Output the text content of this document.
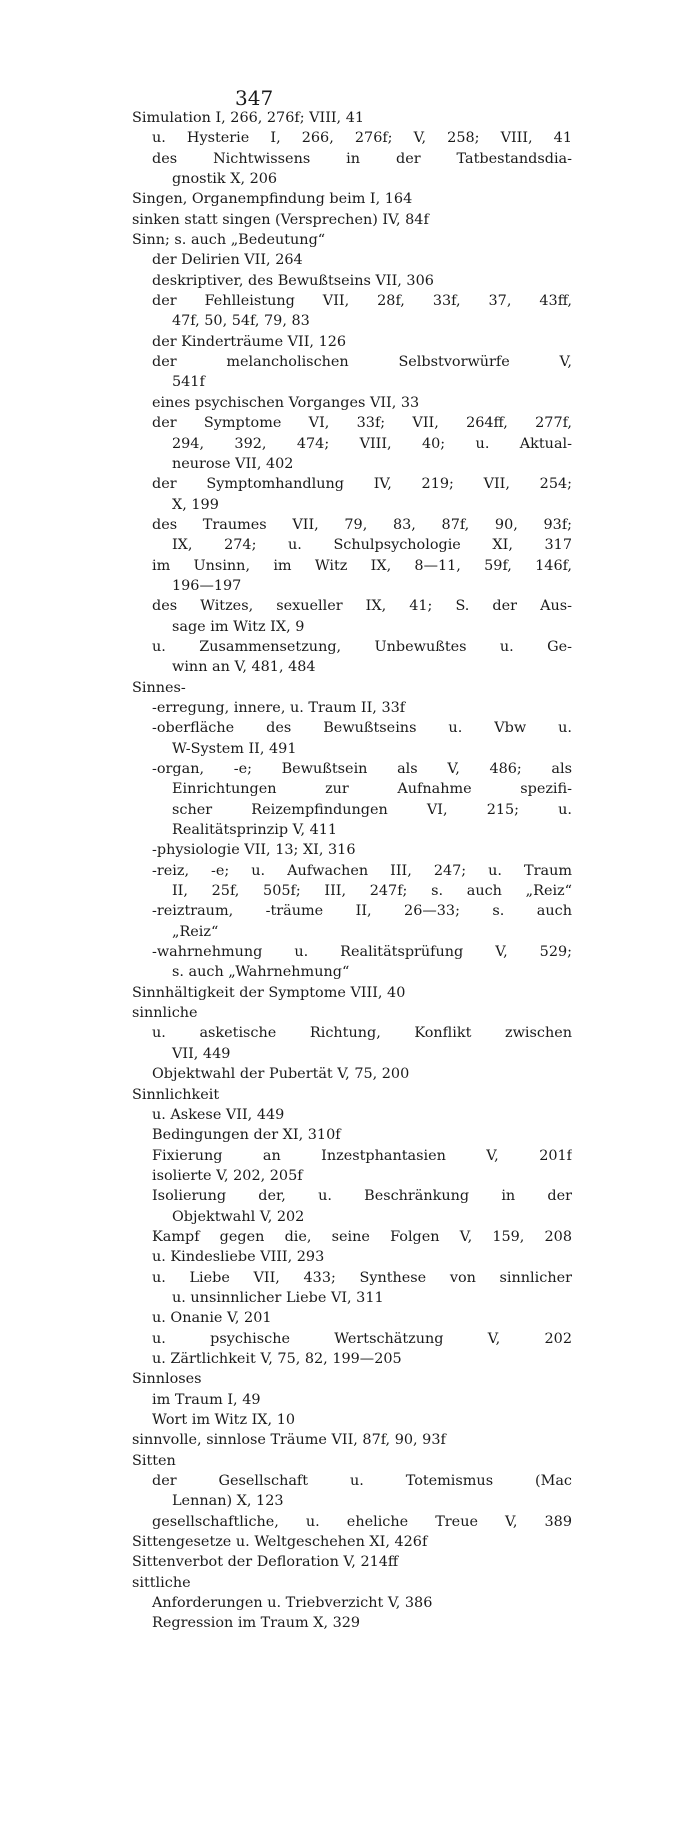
347
Simulation I, 266, 276f; VIII, 41
u. Hysterie I, 266, 276f; V, 258; VIII, 41
des Nichtwissens in der Tatbestandsdia-
gnostik X, 206
Singen, Organempfindung beim I, 164
sinken statt singen (Versprechen) IV, 84f
Sinn; s. auch „Bedeutung“
der Delirien VII, 264
deskriptiver, des Bewußtseins VII, 306
der Fehlleistung VII, 28f, 33f, 37, 43ff,
47f, 50, 54f, 79, 83
der Kinderträume VII, 126
der melancholischen Selbstvorwürfe V,
541f
eines psychischen Vorganges VII, 33
der Symptome VI, 33f; VII, 264ff, 277f,
294, 392, 474; VIII, 40; u. Aktual-
neurose VII, 402
der Symptomhandlung IV, 219; VII, 254;
X, 199
des Traumes VII, 79, 83, 87f, 90, 93f;
IX, 274; u. Schulpsychologie XI, 317
im Unsinn, im Witz IX, 8—11, 59f, 146f,
196—197
des Witzes, sexueller IX, 41; S. der Aus-
sage im Witz IX, 9
u. Zusammensetzung, Unbewußtes u. Ge-
winn an V, 481, 484
Sinnes-
-erregung, innere, u. Traum II, 33f
-oberfläche des Bewußtseins u. Vbw u.
W-System II, 491
-organ, -e; Bewußtsein als V, 486; als
Einrichtungen zur Aufnahme spezifi-
scher Reizempfindungen VI, 215; u.
Realitätsprinzip V, 411
-physiologie VII, 13; XI, 316
-reiz, -e; u. Aufwachen III, 247; u. Traum
II, 25f, 505f; III, 247f; s. auch „Reiz“
-reiztraum, -träume II, 26—33; s. auch
„Reiz“
-wahrnehmung u. Realitätsprüfung V, 529;
s. auch „Wahrnehmung“
Sinnhältigkeit der Symptome VIII, 40
sinnliche
u. asketische Richtung, Konflikt zwischen
VII, 449
Objektwahl der Pubertät V, 75, 200
Sinnlichkeit
u. Askese VII, 449
Bedingungen der XI, 310f
Fixierung an Inzestphantasien V, 201f
isolierte V, 202, 205f
Isolierung der, u. Beschränkung in der
Objektwahl V, 202
Kampf gegen die, seine Folgen V, 159, 208
u. Kindesliebe VIII, 293
u. Liebe VII, 433; Synthese von sinnlicher
u. unsinnlicher Liebe VI, 311
u. Onanie V, 201
u. psychische Wertschätzung V, 202
u. Zärtlichkeit V, 75, 82, 199—205
Sinnloses
im Traum I, 49
Wort im Witz IX, 10
sinnvolle, sinnlose Träume VII, 87f, 90, 93f
Sitten
der Gesellschaft u. Totemismus (Mac
Lennan) X, 123
gesellschaftliche, u. eheliche Treue V, 389
Sittengesetze u. Weltgeschehen XI, 426f
Sittenverbot der Defloration V, 214ff
sittliche
Anforderungen u. Triebverzicht V, 386
Regression im Traum X, 329
